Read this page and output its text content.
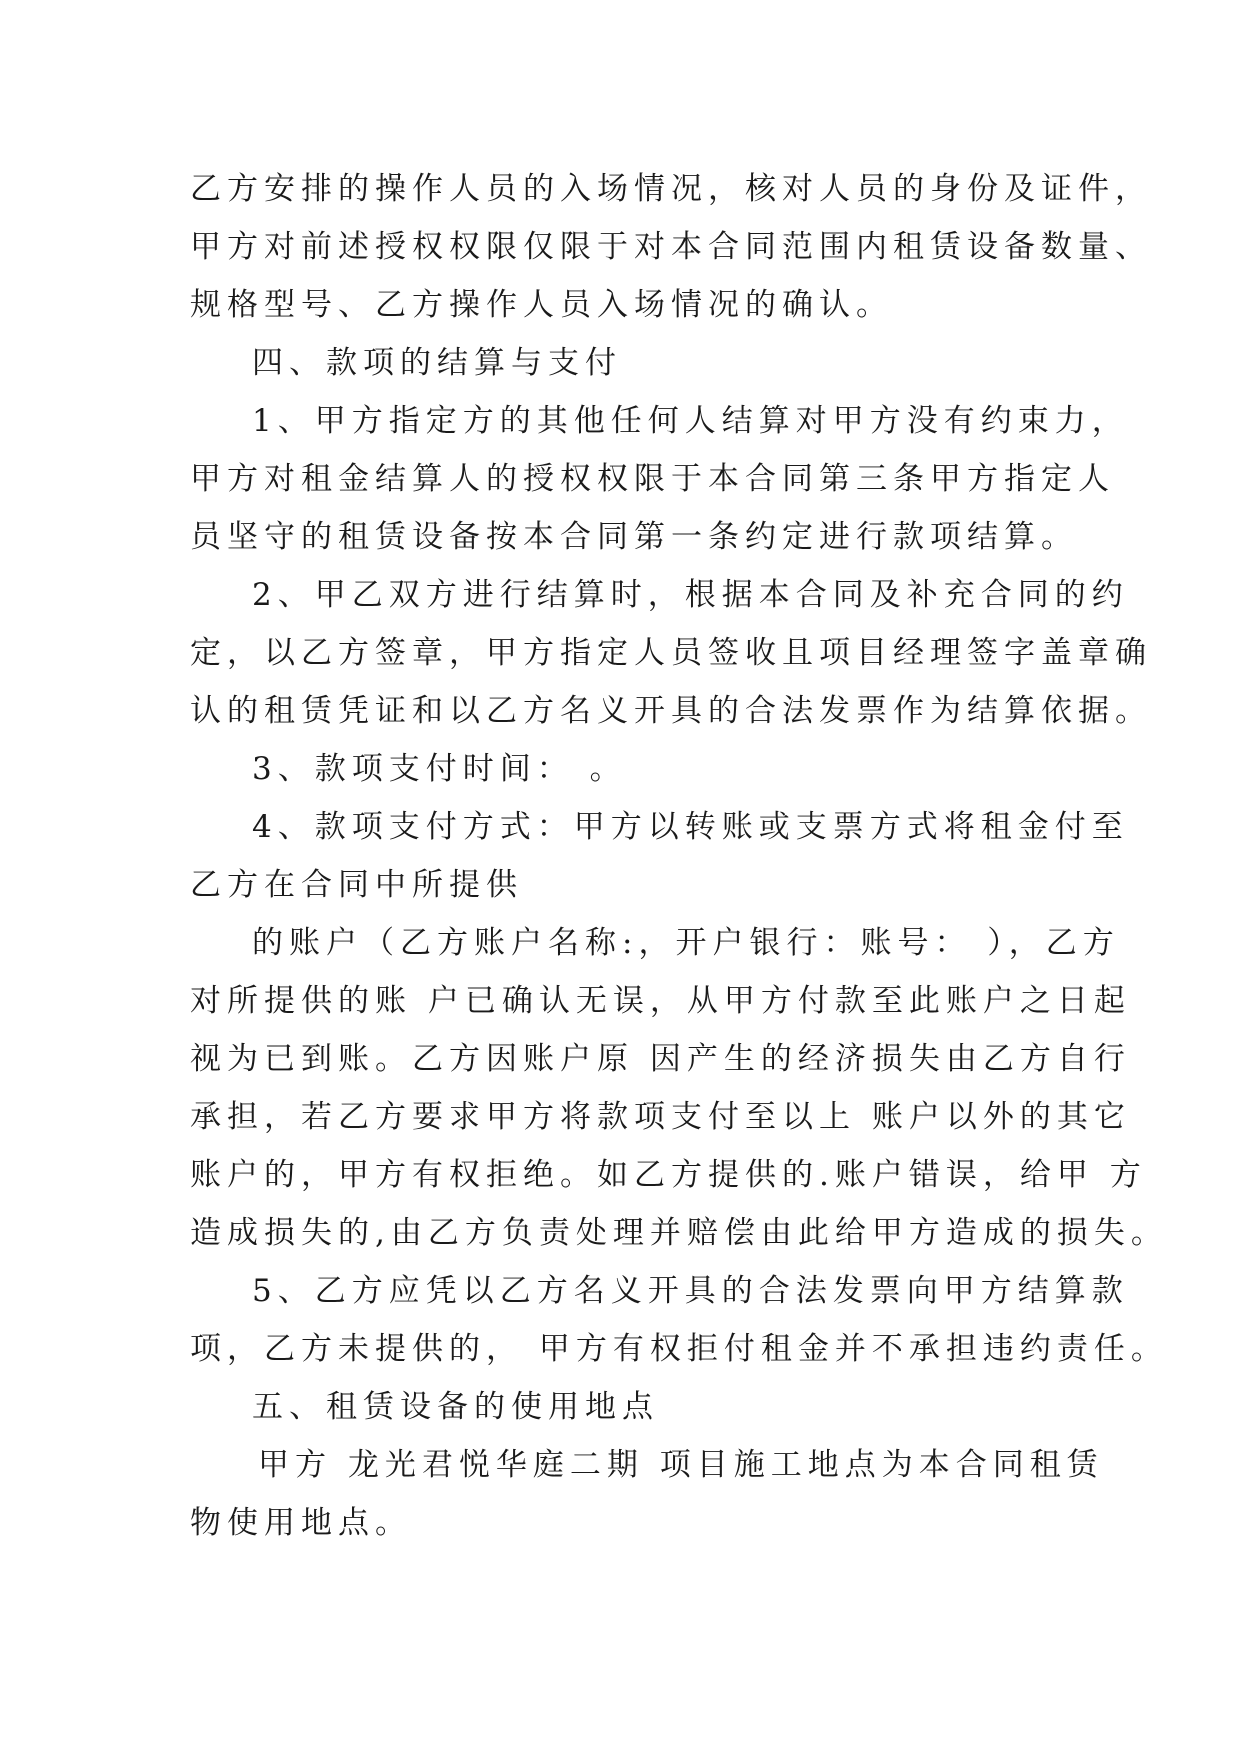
乙方安排的操作人员的入场情况，核对人员的身份及证件，
甲方对前述授权权限仅限于对本合同范围内租赁设备数量、
规格型号、乙方操作人员入场情况的确认。
四、款项的结算与支付
1、甲方指定方的其他任何人结算对甲方没有约束力，
甲方对租金结算人的授权权限于本合同第三条甲方指定人
员坚守的租赁设备按本合同第一条约定进行款项结算。
2、甲乙双方进行结算时，根据本合同及补充合同的约
定，以乙方签章，甲方指定人员签收且项目经理签字盖章确
认的租赁凭证和以乙方名义开具的合法发票作为结算依据。
3、款项支付时间： 。
4、款项支付方式：甲方以转账或支票方式将租金付至
乙方在合同中所提供
的账户（乙方账户名称:，开户银行：账号： ），乙方
对所提供的账 户已确认无误，从甲方付款至此账户之日起
视为已到账。乙方因账户原 因产生的经济损失由乙方自行
承担，若乙方要求甲方将款项支付至以上 账户以外的其它
账户的，甲方有权拒绝。如乙方提供的.账户错误，给甲 方
造成损失的,由乙方负责处理并赔偿由此给甲方造成的损失。
5、乙方应凭以乙方名义开具的合法发票向甲方结算款
项，乙方未提供的， 甲方有权拒付租金并不承担违约责任。
五、租赁设备的使用地点
甲方 龙光君悦华庭二期 项目施工地点为本合同租赁
物使用地点。
